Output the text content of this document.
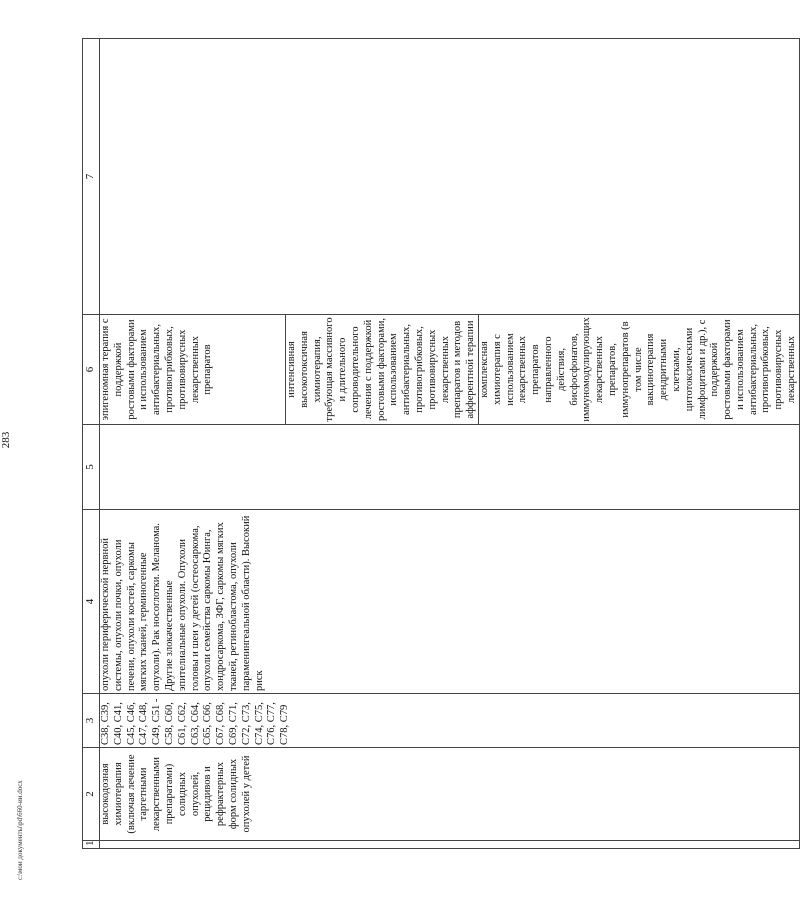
283
1	2	3	4	5	6	7
	высокодозная химиотерапия (включая лечение таргетными лекарственными препаратами) солидных опухолей, рецидивов и рефрактерных форм солидных опухолей у детей	C38, C39, C40, C41, C45, C46, C47, C48, C49, C51 - C58, C60, C61, C62, C63, C64, C65, C66, C67, C68, C69, C71, C72, C73, C74, C75, C76, C77, C78, C79	опухоли периферической нервной системы, опухоли почки, опухоли печени, опухоли костей, саркомы мягких тканей, герминогенные опухоли). Рак носоглотки. Меланома. Другие злокачественные эпителиальные опухоли. Опухоли головы и шеи у детей (остеосаркома, опухоли семейства саркомы Юинга, хондросаркома, ЗФГ, саркомы мягких тканей, ретинобластома, опухоли параменингеальной области). Высокий риск		эпигеномная терапия с поддержкой ростовыми факторами и использованием антибактериальных, противогрибковых, противовирусных лекарственных препаратов	
					интенсивная высокотоксичная химиотерапия, требующая массивного и длительного сопроводительного лечения с поддержкой ростовыми факторами, использованием антибактериальных, противогрибковых, противовирусных лекарственных препаратов и методов афферентной терапии	
					комплексная химиотерапия с использованием лекарственных препаратов направленного действия, бисфосфонатов, иммуномодулирующих лекарственных препаратов, иммунопрепаратов (в том числе вакцинотерапия дендритными клетками, цитотоксическими лимфоцитами и др.), с поддержкой ростовыми факторами и использованием антибактериальных, противогрибковых, противовирусных лекарственных	
c:\мои документы\pd\660-ии.docx
